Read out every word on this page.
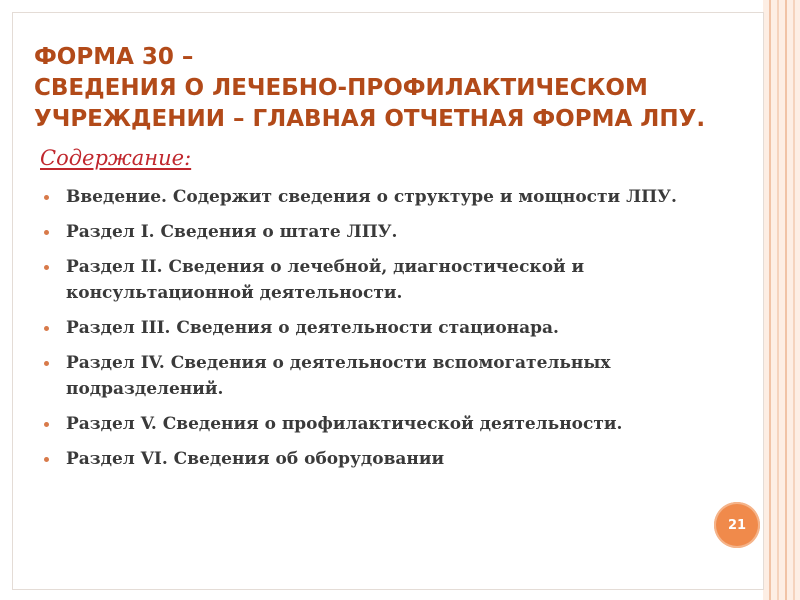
ФОРМА 30 –
СВЕДЕНИЯ О ЛЕЧЕБНО-ПРОФИЛАКТИЧЕСКОМ
УЧРЕЖДЕНИИ – ГЛАВНАЯ ОТЧЕТНАЯ ФОРМА ЛПУ.

Содержание:

Введение. Содержит сведения о структуре и мощности ЛПУ.
Раздел I. Сведения о штате ЛПУ.
Раздел II. Сведения о лечебной, диагностической и консультационной деятельности.
Раздел III. Сведения о деятельности стационара.
Раздел IV. Сведения о деятельности вспомогательных подразделений.
Раздел V. Сведения о профилактической деятельности.
Раздел VI. Сведения об оборудовании
21
